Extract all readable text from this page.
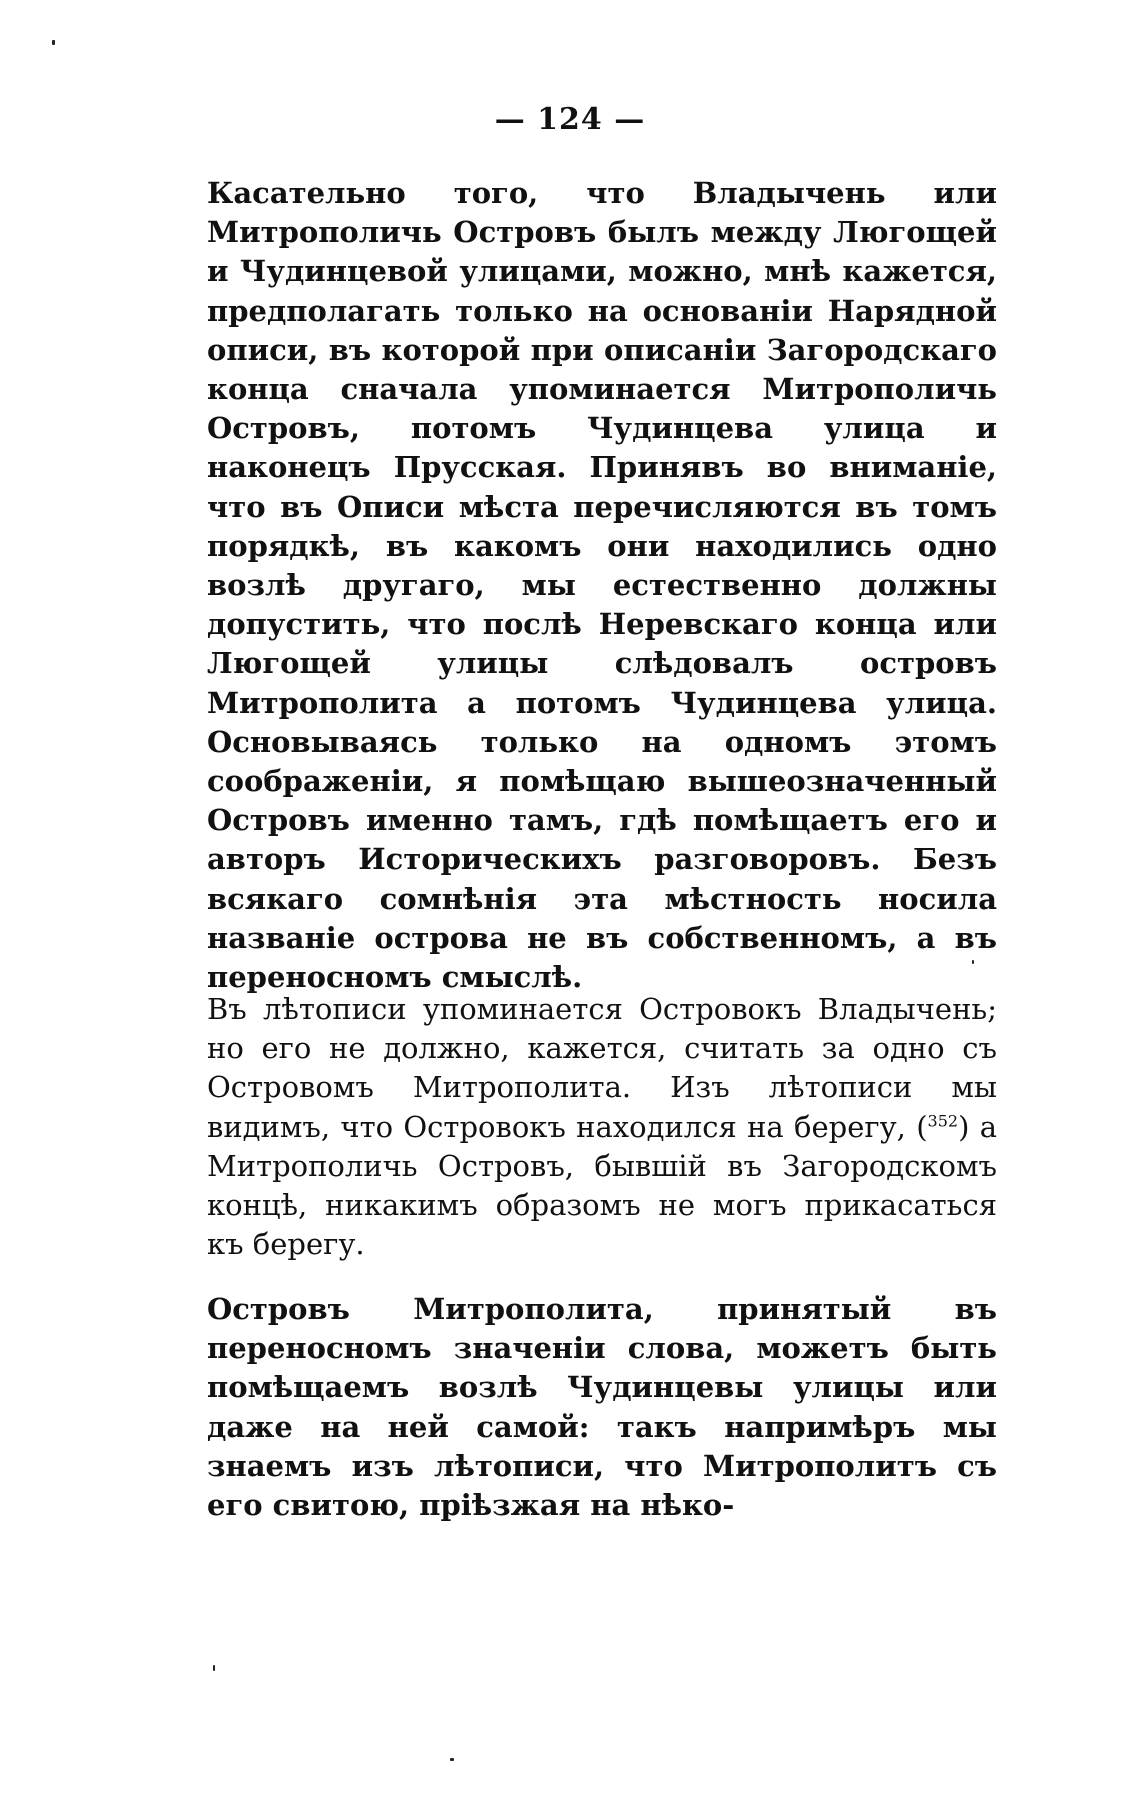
— 124 —

Касательно того, что Владычень или Митрополичь Островъ былъ между Люгощей и Чудинцевой улицами, можно, мнѣ кажется, предполагать только на основаніи Нарядной описи, въ которой при описаніи Загородскаго конца сначала упоминается Митрополичь Островъ, потомъ Чудинцева улица и наконецъ Прусская. Принявъ во вниманіе, что въ Описи мѣста перечисляются въ томъ порядкѣ, въ какомъ они находились одно возлѣ другаго, мы естественно должны допустить, что послѣ Неревскаго конца или Люгощей улицы слѣдовалъ островъ Митрополита а потомъ Чудинцева улица. Основываясь только на одномъ этомъ соображеніи, я помѣщаю вышеозначенный Островъ именно тамъ, гдѣ помѣщаетъ его и авторъ Историческихъ разговоровъ. Безъ всякаго сомнѣнія эта мѣстность носила названіе острова не въ собственномъ, а въ переносномъ смыслѣ.

Въ лѣтописи упоминается Островокъ Владычень; но его не должно, кажется, считать за одно съ Островомъ Митрополита. Изъ лѣтописи мы видимъ, что Островокъ находился на берегу, ($^{352}$) а Митрополичь Островъ, бывшій въ Загородскомъ концѣ, никакимъ образомъ не могъ прикасаться къ берегу.

Островъ Митрополита, принятый въ переносномъ значеніи слова, можетъ быть помѣщаемъ возлѣ Чудинцевы улицы или даже на ней самой: такъ напримѣръ мы знаемъ изъ лѣтописи, что Митрополитъ съ его свитою, пріѣзжая на нѣко-
